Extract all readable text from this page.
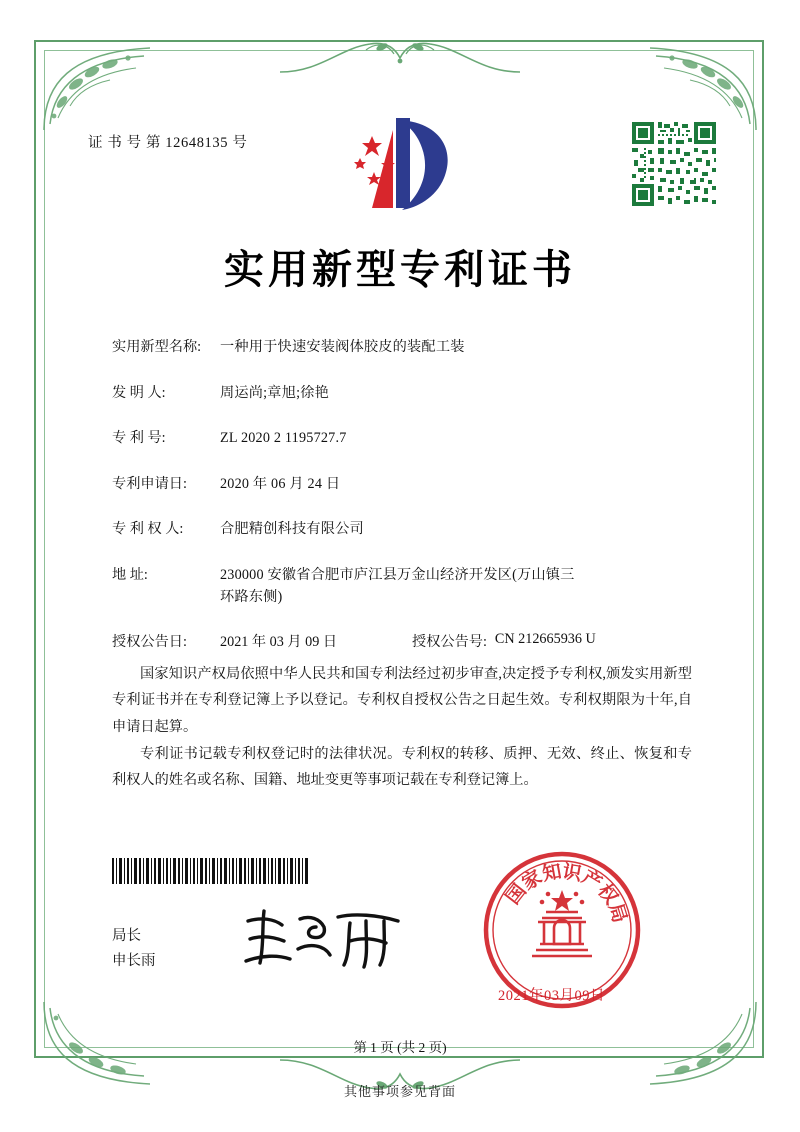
证 书 号 第 12648135 号
实用新型专利证书
实用新型名称:	一种用于快速安装阀体胶皮的装配工装
发 明 人:	周运尚;章旭;徐艳
专 利 号:	ZL 2020 2 1195727.7
专利申请日:	2020 年 06 月 24 日
专 利 权 人:	合肥精创科技有限公司
地 址:	230000 安徽省合肥市庐江县万金山经济开发区(万山镇三
环路东侧)
授权公告日:	2021 年 03 月 09 日	授权公告号: CN 212665936 U

国家知识产权局依照中华人民共和国专利法经过初步审查,决定授予专利权,颁发实用新型专利证书并在专利登记簿上予以登记。专利权自授权公告之日起生效。专利权期限为十年,自申请日起算。

专利证书记载专利权登记时的法律状况。专利权的转移、质押、无效、终止、恢复和专利权人的姓名或名称、国籍、地址变更等事项记载在专利登记簿上。

局长
申长雨
国
家
知
识
产
权
局
2021年03月09日
第 1 页 (共 2 页)
其他事项参见背面
